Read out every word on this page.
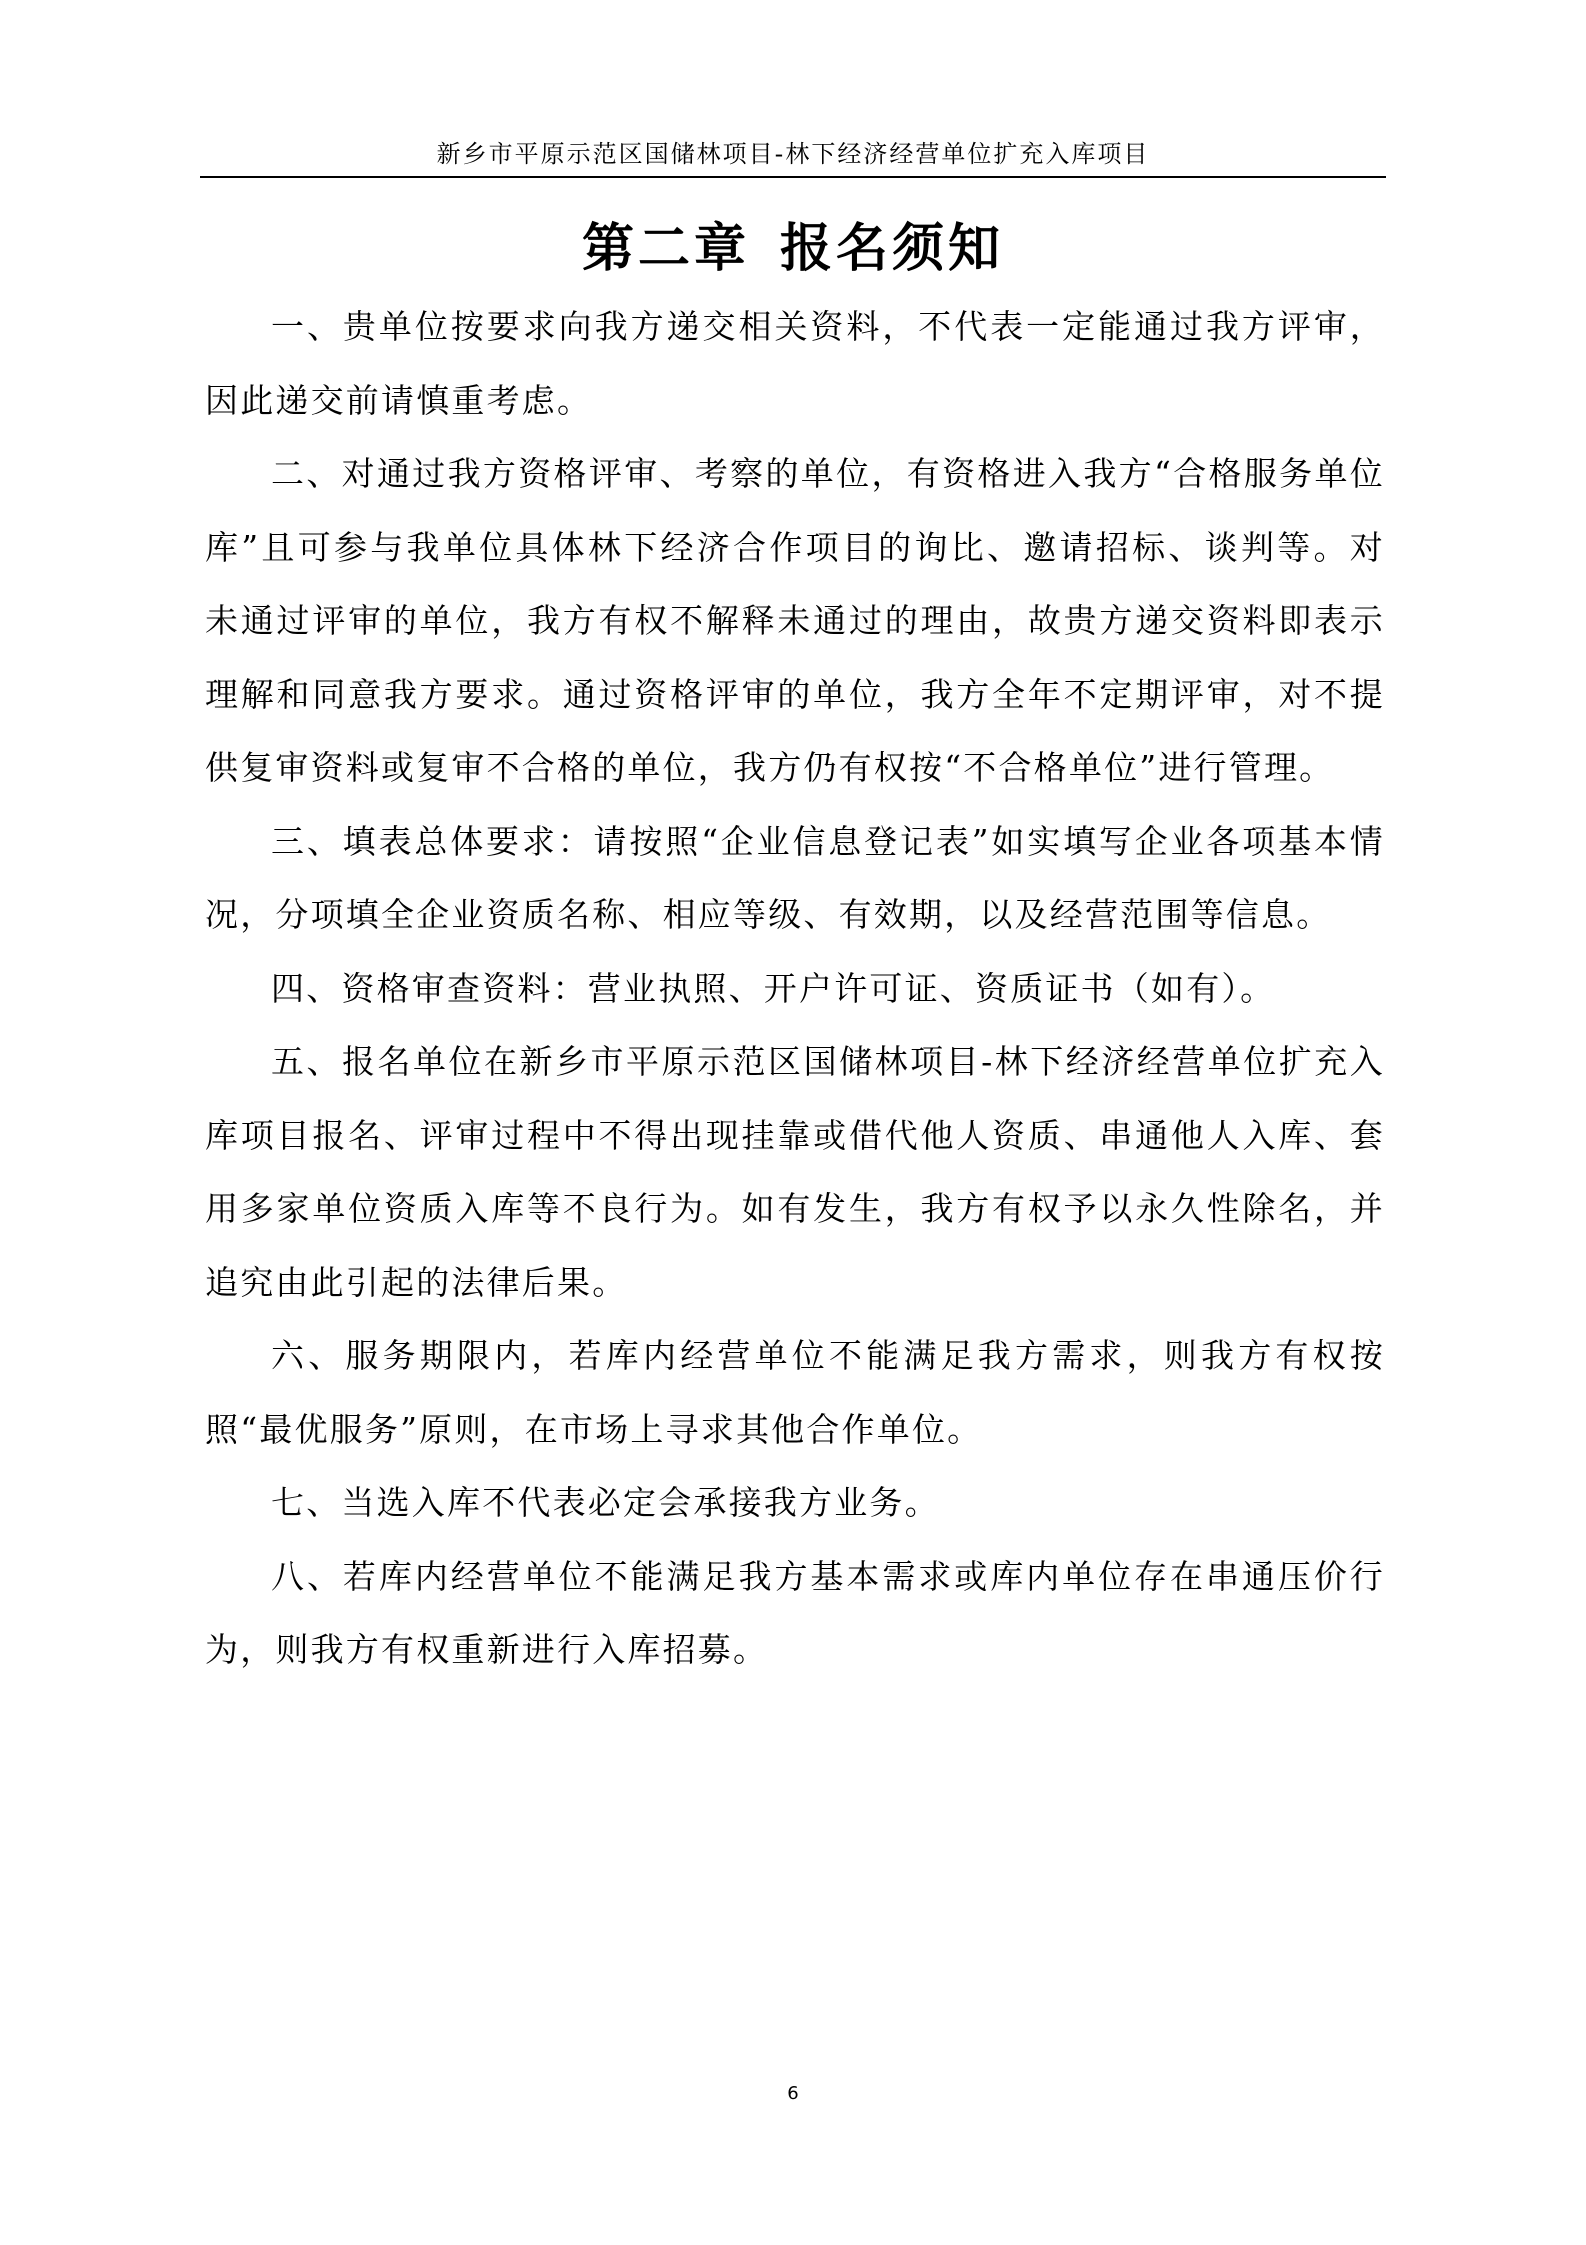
新乡市平原示范区国储林项目-林下经济经营单位扩充入库项目
第二章 报名须知

一、贵单位按要求向我方递交相关资料，不代表一定能通过我方评审，因此递交前请慎重考虑。

二、对通过我方资格评审、考察的单位，有资格进入我方“合格服务单位库”且可参与我单位具体林下经济合作项目的询比、邀请招标、谈判等。对未通过评审的单位，我方有权不解释未通过的理由，故贵方递交资料即表示理解和同意我方要求。通过资格评审的单位，我方全年不定期评审，对不提供复审资料或复审不合格的单位，我方仍有权按“不合格单位”进行管理。

三、填表总体要求：请按照“企业信息登记表”如实填写企业各项基本情况，分项填全企业资质名称、相应等级、有效期，以及经营范围等信息。

四、资格审查资料：营业执照、开户许可证、资质证书（如有）。

五、报名单位在新乡市平原示范区国储林项目-林下经济经营单位扩充入库项目报名、评审过程中不得出现挂靠或借代他人资质、串通他人入库、套用多家单位资质入库等不良行为。如有发生，我方有权予以永久性除名，并追究由此引起的法律后果。

六、服务期限内，若库内经营单位不能满足我方需求，则我方有权按照“最优服务”原则，在市场上寻求其他合作单位。

七、当选入库不代表必定会承接我方业务。

八、若库内经营单位不能满足我方基本需求或库内单位存在串通压价行为，则我方有权重新进行入库招募。

6
